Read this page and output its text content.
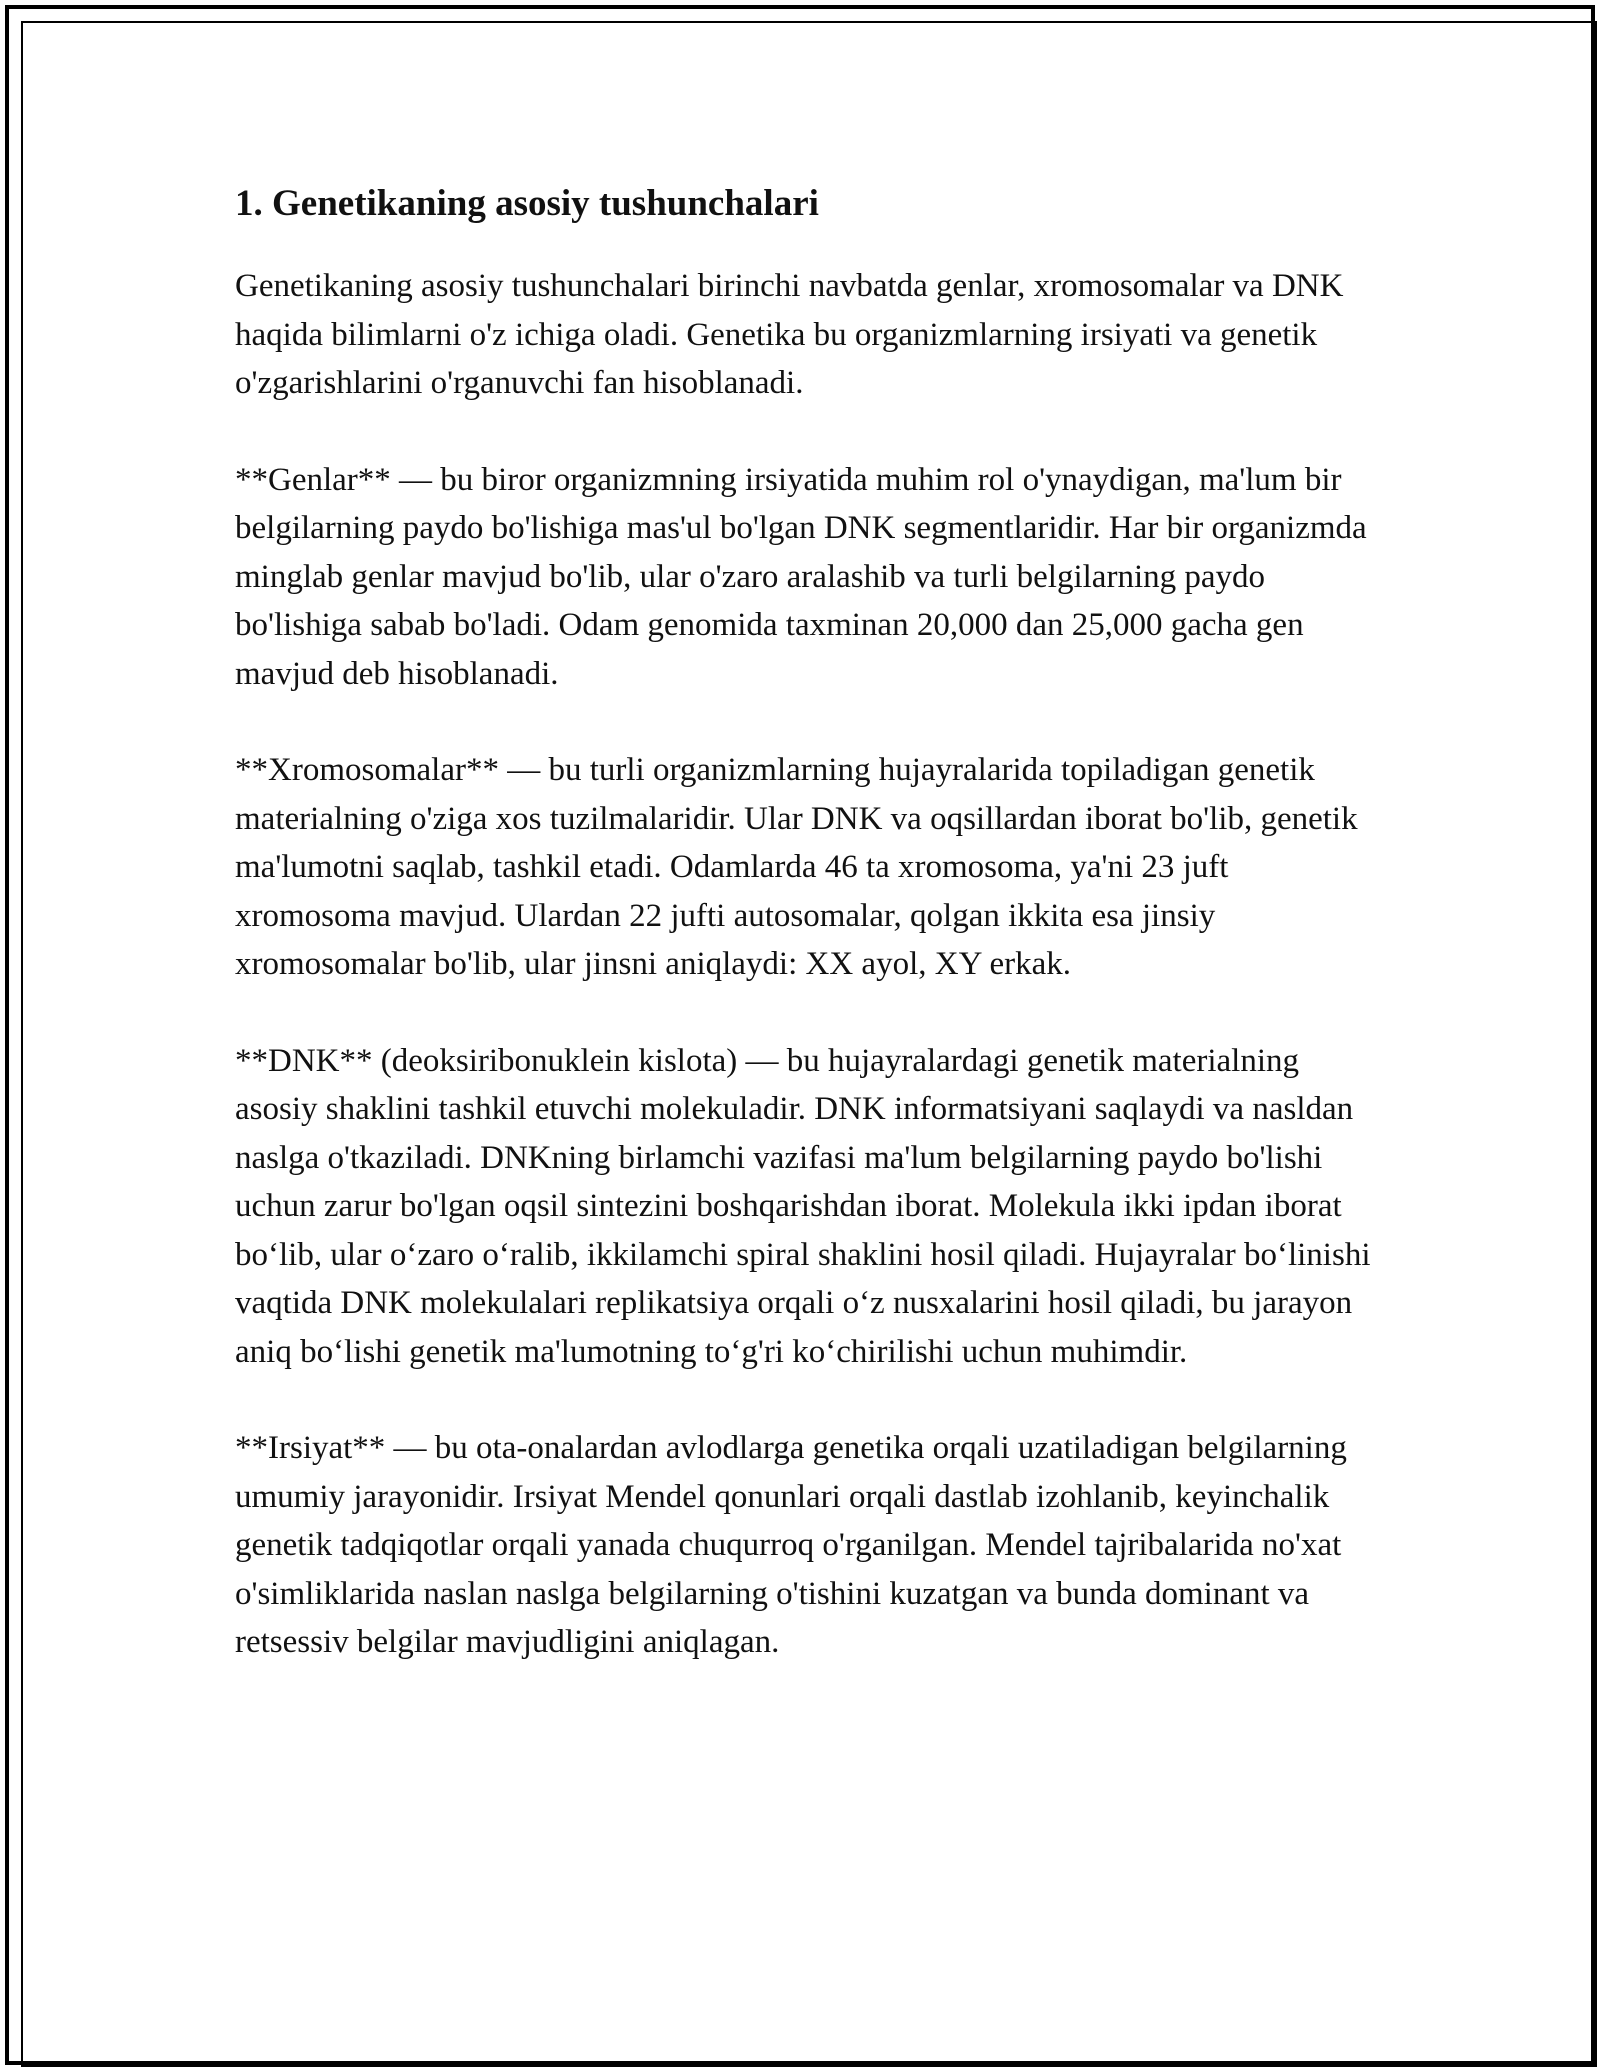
1. Genetikaning asosiy tushunchalari

Genetikaning asosiy tushunchalari birinchi navbatda genlar, xromosomalar va DNK haqida bilimlarni o'z ichiga oladi. Genetika bu organizmlarning irsiyati va genetik o'zgarishlarini o'rganuvchi fan hisoblanadi.

**Genlar** — bu biror organizmning irsiyatida muhim rol o'ynaydigan, ma'lum bir belgilarning paydo bo'lishiga mas'ul bo'lgan DNK segmentlaridir. Har bir organizmda minglab genlar mavjud bo'lib, ular o'zaro aralashib va turli belgilarning paydo bo'lishiga sabab bo'ladi. Odam genomida taxminan 20,000 dan 25,000 gacha gen mavjud deb hisoblanadi.

**Xromosomalar** — bu turli organizmlarning hujayralarida topiladigan genetik materialning o'ziga xos tuzilmalaridir. Ular DNK va oqsillardan iborat bo'lib, genetik ma'lumotni saqlab, tashkil etadi. Odamlarda 46 ta xromosoma, ya'ni 23 juft xromosoma mavjud. Ulardan 22 jufti autosomalar, qolgan ikkita esa jinsiy xromosomalar bo'lib, ular jinsni aniqlaydi: XX ayol, XY erkak.

**DNK** (deoksiribonuklein kislota) — bu hujayralardagi genetik materialning asosiy shaklini tashkil etuvchi molekuladir. DNK informatsiyani saqlaydi va nasldan naslga o'tkaziladi. DNKning birlamchi vazifasi ma'lum belgilarning paydo bo'lishi uchun zarur bo'lgan oqsil sintezini boshqarishdan iborat. Molekula ikki ipdan iborat boʻlib, ular oʻzaro oʻralib, ikkilamchi spiral shaklini hosil qiladi. Hujayralar boʻlinishi vaqtida DNK molekulalari replikatsiya orqali oʻz nusxalarini hosil qiladi, bu jarayon aniq boʻlishi genetik ma'lumotning toʻg'ri koʻchirilishi uchun muhimdir.

**Irsiyat** — bu ota-onalardan avlodlarga genetika orqali uzatiladigan belgilarning umumiy jarayonidir. Irsiyat Mendel qonunlari orqali dastlab izohlanib, keyinchalik genetik tadqiqotlar orqali yanada chuqurroq o'rganilgan. Mendel tajribalarida no'xat o'simliklarida naslan naslga belgilarning o'tishini kuzatgan va bunda dominant va retsessiv belgilar mavjudligini aniqlagan.
